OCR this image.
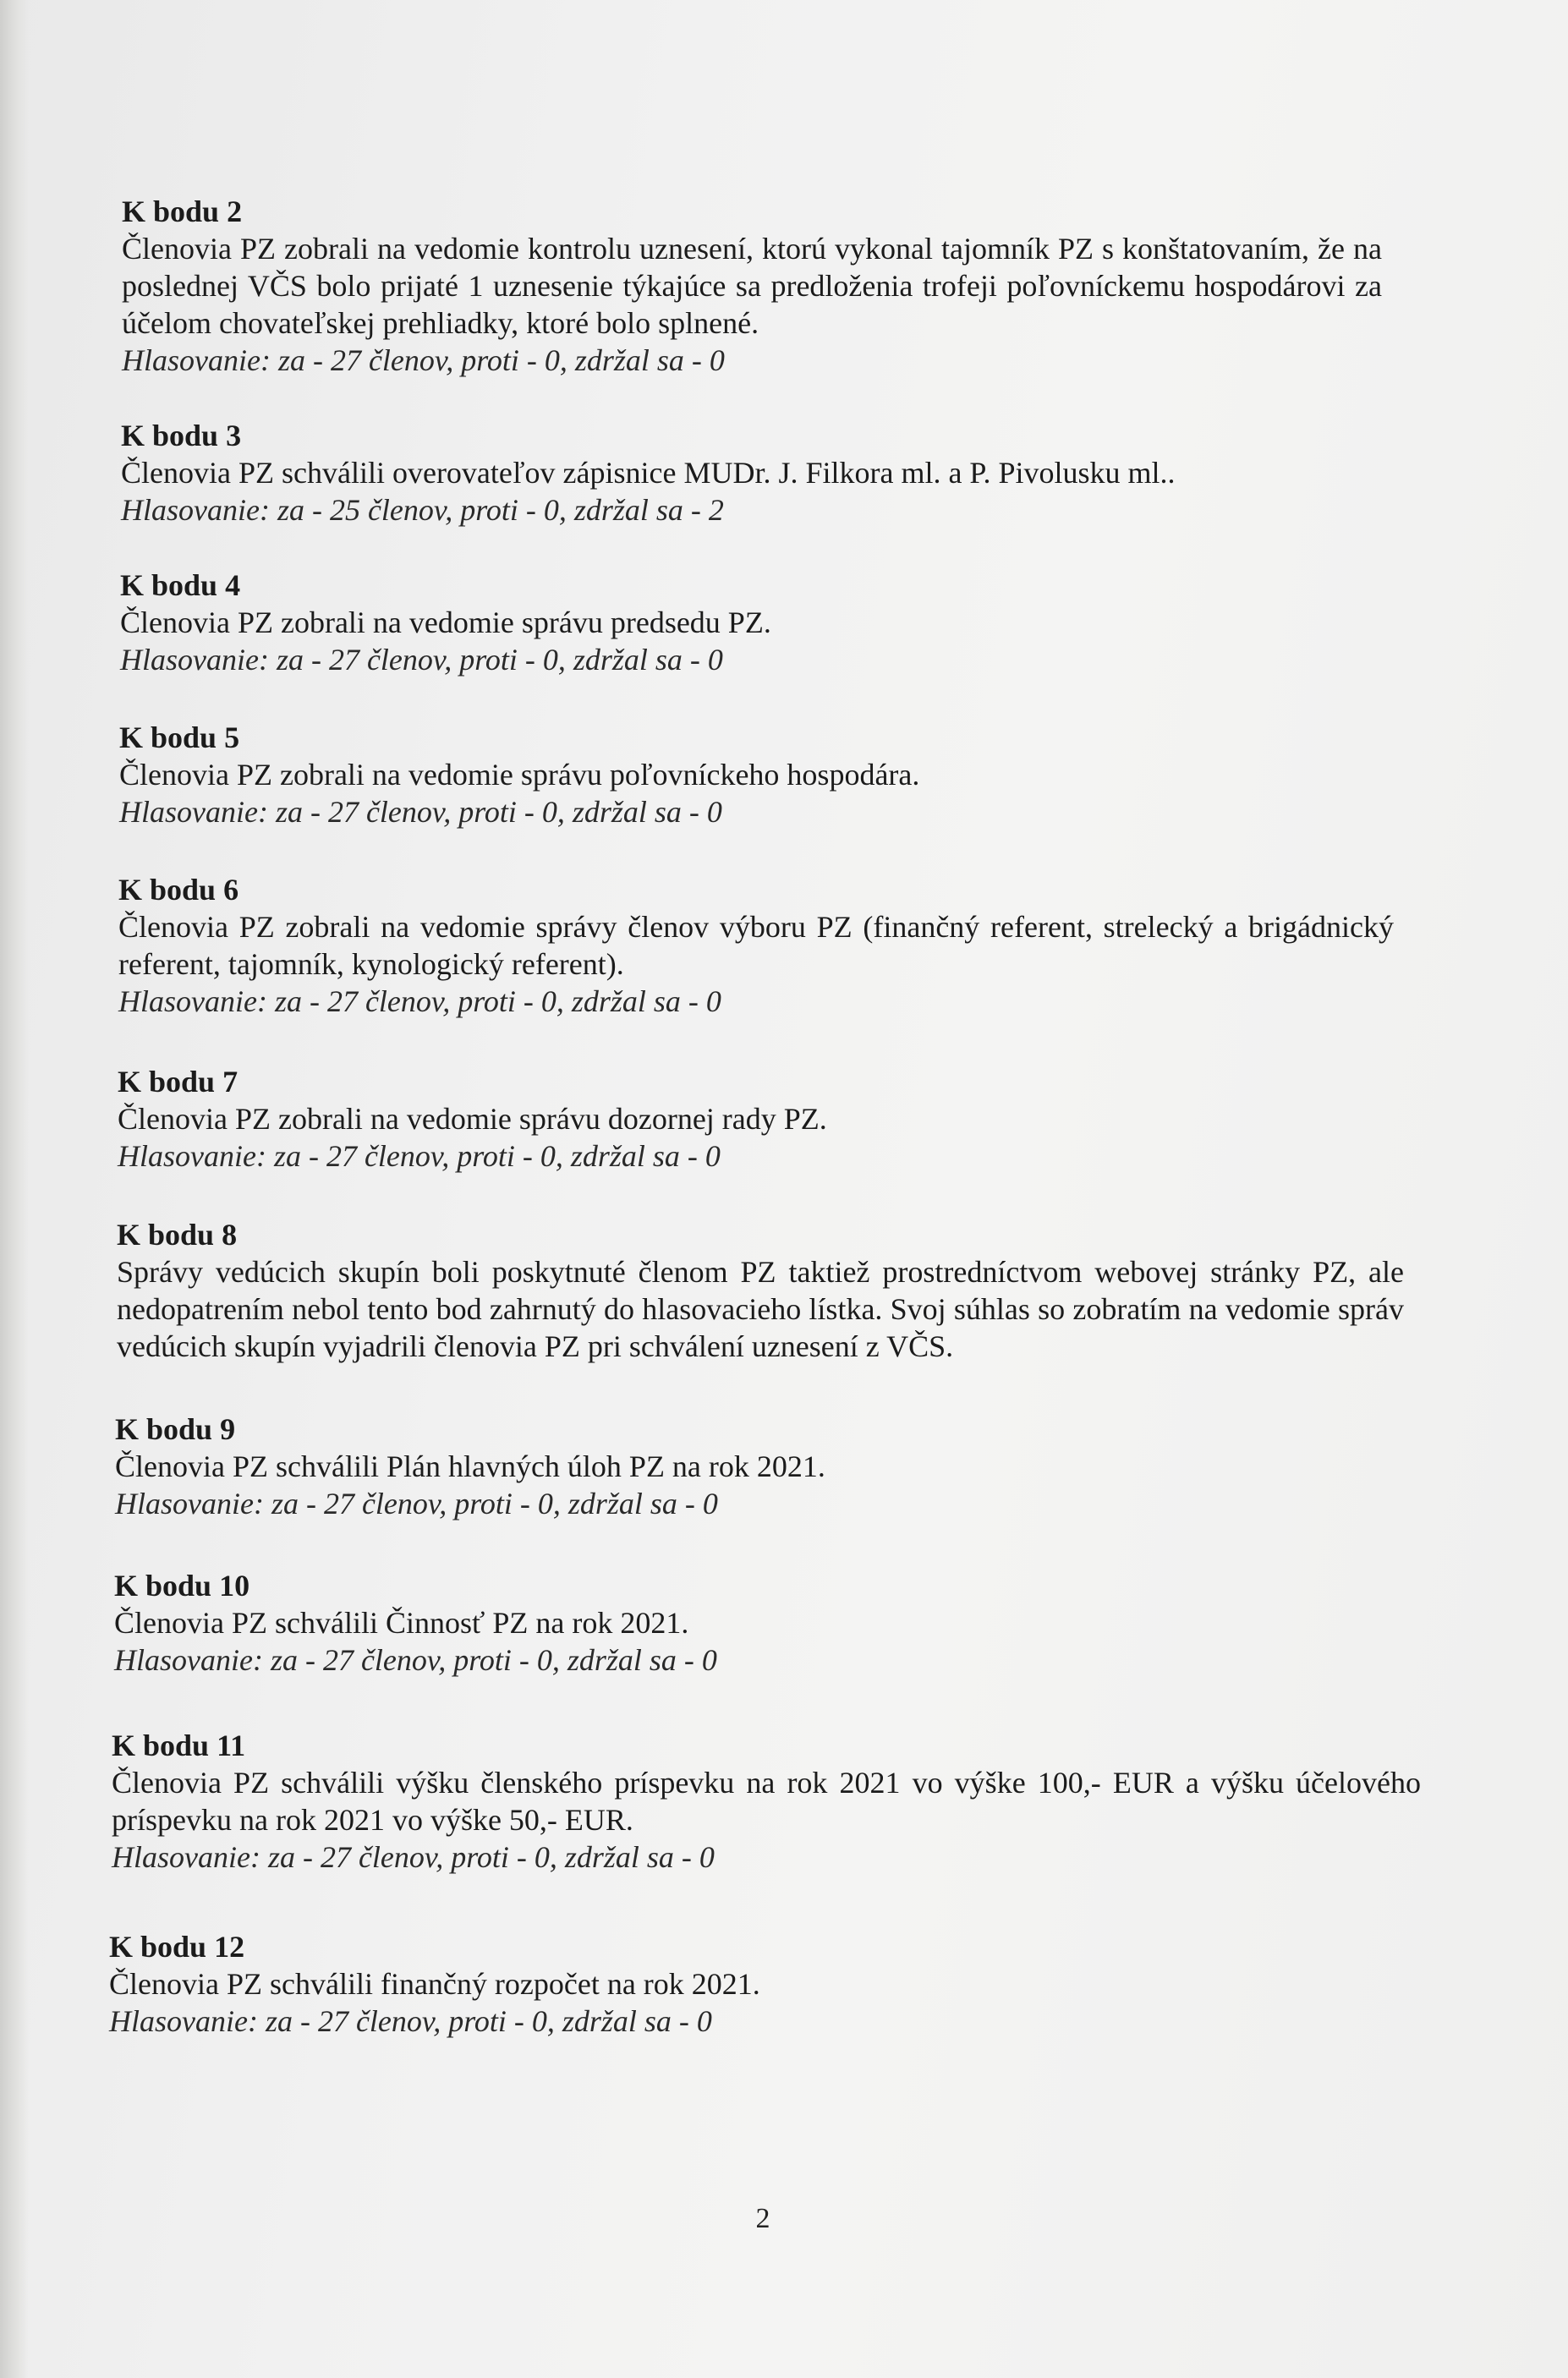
K bodu 2
Členovia PZ zobrali na vedomie kontrolu uznesení, ktorú vykonal tajomník PZ s konštatovaním, že na poslednej VČS bolo prijaté 1 uznesenie týkajúce sa predloženia trofeji poľovníckemu hospodárovi za účelom chovateľskej prehliadky, ktoré bolo splnené.
Hlasovanie: za - 27 členov, proti - 0, zdržal sa - 0
K bodu 3
Členovia PZ schválili overovateľov zápisnice MUDr. J. Filkora ml. a P. Pivolusku ml..
Hlasovanie: za - 25 členov, proti - 0, zdržal sa - 2
K bodu 4
Členovia PZ zobrali na vedomie správu predsedu PZ.
Hlasovanie: za - 27 členov, proti - 0, zdržal sa - 0
K bodu 5
Členovia PZ zobrali na vedomie správu poľovníckeho hospodára.
Hlasovanie: za - 27 členov, proti - 0, zdržal sa - 0
K bodu 6
Členovia PZ zobrali na vedomie správy členov výboru PZ (finančný referent, strelecký a brigádnický referent, tajomník, kynologický referent).
Hlasovanie: za - 27 členov, proti - 0, zdržal sa - 0
K bodu 7
Členovia PZ zobrali na vedomie správu dozornej rady PZ.
Hlasovanie: za - 27 členov, proti - 0, zdržal sa - 0
K bodu 8
Správy vedúcich skupín boli poskytnuté členom PZ taktiež prostredníctvom webovej stránky PZ, ale nedopatrením nebol tento bod zahrnutý do hlasovacieho lístka. Svoj súhlas so zobratím na vedomie správ vedúcich skupín vyjadrili členovia PZ pri schválení uznesení z VČS.
K bodu 9
Členovia PZ schválili Plán hlavných úloh PZ na rok 2021.
Hlasovanie: za - 27 členov, proti - 0, zdržal sa - 0
K bodu 10
Členovia PZ schválili Činnosť PZ na rok 2021.
Hlasovanie: za - 27 členov, proti - 0, zdržal sa - 0
K bodu 11
Členovia PZ schválili výšku členského príspevku na rok 2021 vo výške 100,- EUR a výšku účelového príspevku na rok 2021 vo výške 50,- EUR.
Hlasovanie: za - 27 členov, proti - 0, zdržal sa - 0
K bodu 12
Členovia PZ schválili finančný rozpočet na rok 2021.
Hlasovanie: za - 27 členov, proti - 0, zdržal sa - 0
2
